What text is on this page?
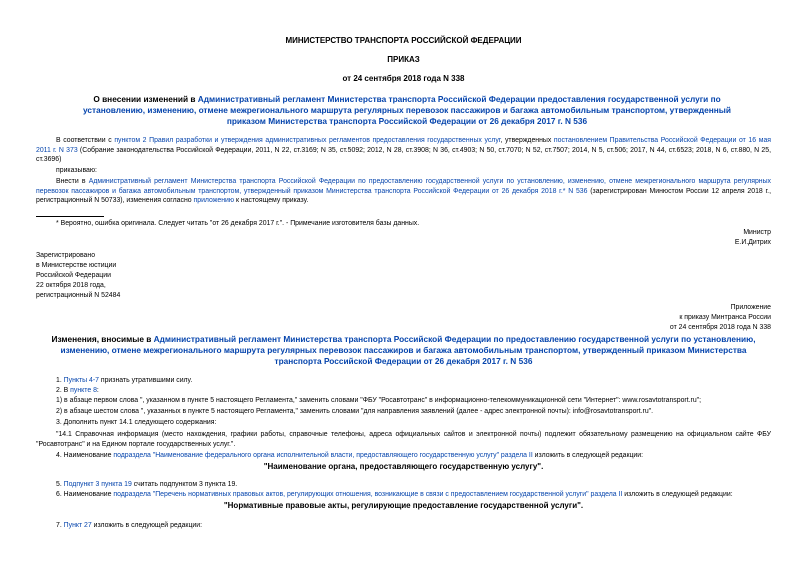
МИНИСТЕРСТВО ТРАНСПОРТА РОССИЙСКОЙ ФЕДЕРАЦИИ
ПРИКАЗ
от 24 сентября 2018 года N 338
О внесении изменений в Административный регламент Министерства транспорта Российской Федерации предоставления государственной услуги по установлению, изменению, отмене межрегионального маршрута регулярных перевозок пассажиров и багажа автомобильным транспортом, утвержденный приказом Министерства транспорта Российской Федерации от 26 декабря 2017 г. N 536
В соответствии с пунктом 2 Правил разработки и утверждения административных регламентов предоставления государственных услуг, утвержденных постановлением Правительства Российской Федерации от 16 мая 2011 г. N 373 (Собрание законодательства Российской Федерации, 2011, N 22, ст.3169; N 35, ст.5092; 2012, N 28, ст.3908; N 36, ст.4903; N 50, ст.7070; N 52, ст.7507; 2014, N 5, ст.506; 2017, N 44, ст.6523; 2018, N 6, ст.880, N 25, ст.3696)
приказываю:
Внести в Административный регламент Министерства транспорта Российской Федерации по предоставлению государственной услуги по установлению, изменению, отмене межрегионального маршрута регулярных перевозок пассажиров и багажа автомобильным транспортом, утвержденный приказом Министерства транспорта Российской Федерации от 26 декабря 2018 г.* N 536 (зарегистрирован Минюстом России 12 апреля 2018 г., регистрационный N 50733), изменения согласно приложению к настоящему приказу.
* Вероятно, ошибка оригинала. Следует читать "от 26 декабря 2017 г.". - Примечание изготовителя базы данных.
Министр
Е.И.Дитрих
Зарегистрировано
в Министерстве юстиции
Российской Федерации
22 октября 2018 года,
регистрационный N 52484
Приложение
к приказу Минтранса России
от 24 сентября 2018 года N 338
Изменения, вносимые в Административный регламент Министерства транспорта Российской Федерации по предоставлению государственной услуги по установлению, изменению, отмене межрегионального маршрута регулярных перевозок пассажиров и багажа автомобильным транспортом, утвержденный приказом Министерства транспорта Российской Федерации от 26 декабря 2017 г. N 536
1. Пункты 4-7 признать утратившими силу.
2. В пункте 8:
1) в абзаце первом слова ", указанном в пункте 5 настоящего Регламента," заменить словами "ФБУ "Росавтотранс" в информационно-телекоммуникационной сети "Интернет": www.rosavtotransport.ru";
2) в абзаце шестом слова ", указанных в пункте 5 настоящего Регламента," заменить словами "для направления заявлений (далее - адрес электронной почты): info@rosavtotransport.ru".
3. Дополнить пункт 14.1 следующего содержания:
"14.1 Справочная информация (место нахождения, графики работы, справочные телефоны, адреса официальных сайтов и электронной почты) подлежит обязательному размещению на официальном сайте ФБУ "Росавтотранс" и на Едином портале государственных услуг.".
4. Наименование подраздела "Наименование федерального органа исполнительной власти, предоставляющего государственную услугу" раздела II изложить в следующей редакции:
"Наименование органа, предоставляющего государственную услугу".
5. Подпункт 3 пункта 19 считать подпунктом 3 пункта 19.
6. Наименование подраздела "Перечень нормативных правовых актов, регулирующих отношения, возникающие в связи с предоставлением государственной услуги" раздела II изложить в следующей редакции:
"Нормативные правовые акты, регулирующие предоставление государственной услуги".
7. Пункт 27 изложить в следующей редакции:
